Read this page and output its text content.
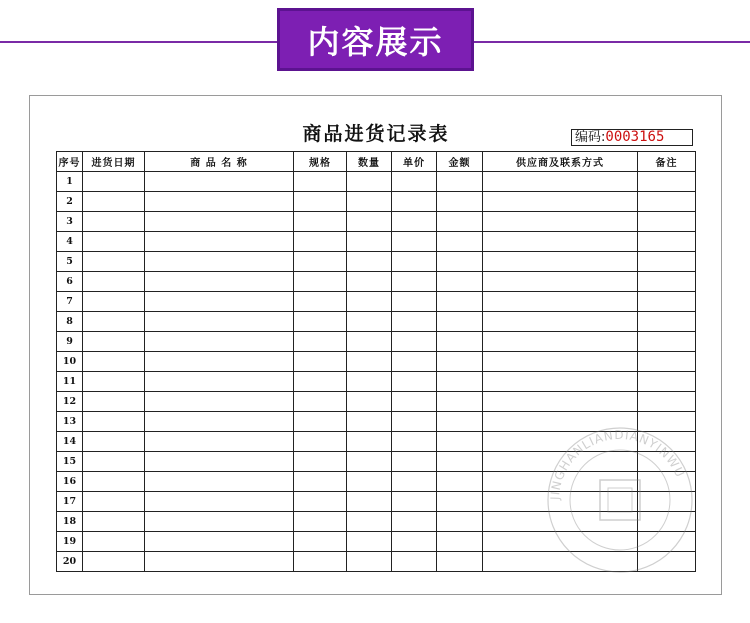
内容展示
商品进货记录表	编码: 0003165
序号	进货日期	商 品 名 称	规格	数量	单价	金额	供应商及联系方式	备注
1								
2								
3								
4								
5								
6								
7								
8								
9								
10								
11								
12								
13								
14								
15								
16								
17								
18								
19								
20								
JINGHANLIANDIANYINWU
